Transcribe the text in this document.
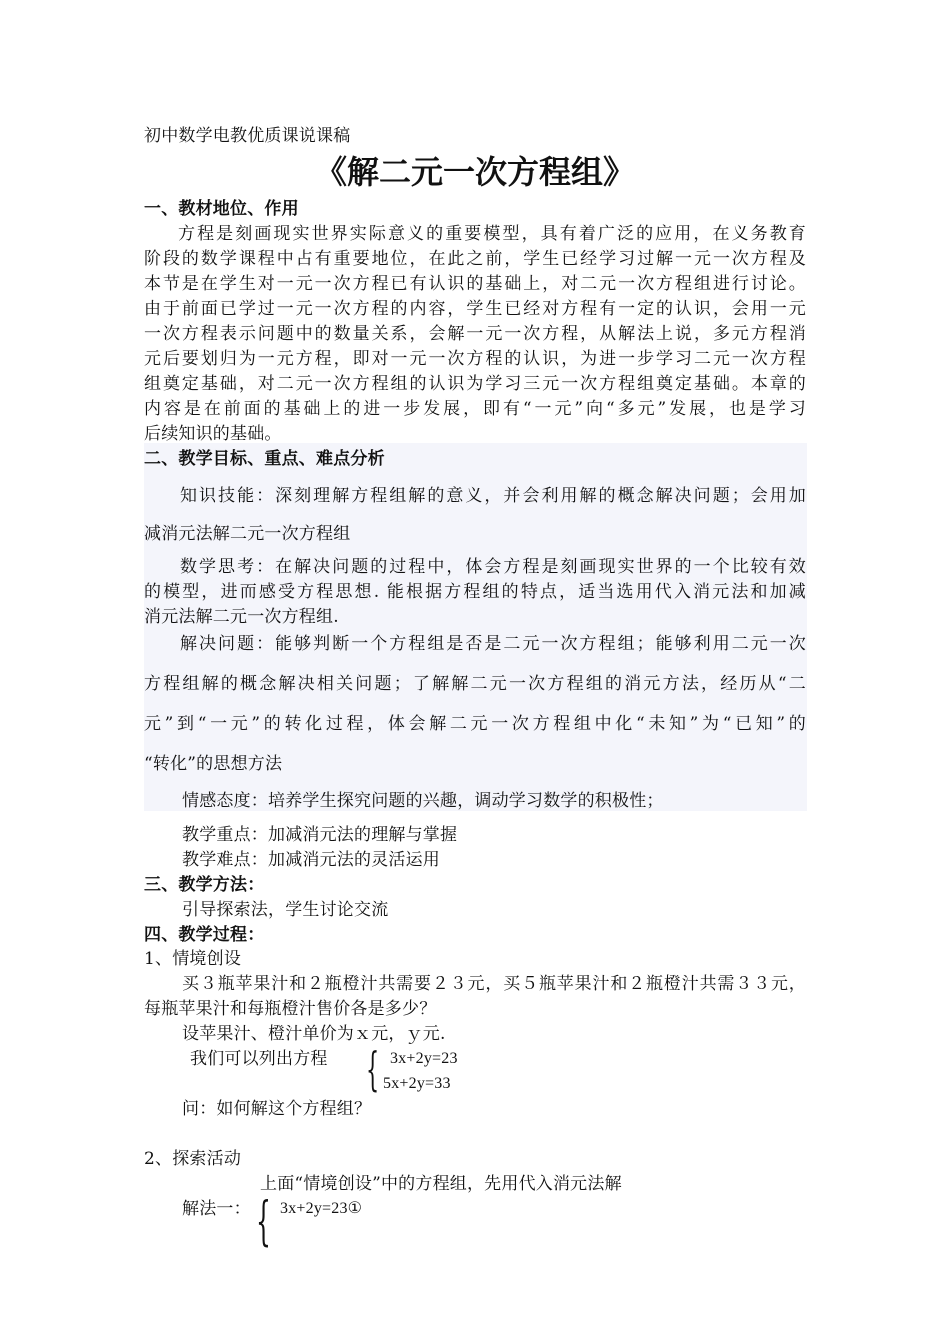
初中数学电教优质课说课稿
《解二元一次方程组》
一、教材地位、作用
方程是刻画现实世界实际意义的重要模型，具有着广泛的应用，在义务教育
阶段的数学课程中占有重要地位，在此之前，学生已经学习过解一元一次方程及
本节是在学生对一元一次方程已有认识的基础上，对二元一次方程组进行讨论。
由于前面已学过一元一次方程的内容，学生已经对方程有一定的认识，会用一元
一次方程表示问题中的数量关系，会解一元一次方程，从解法上说，多元方程消
元后要划归为一元方程，即对一元一次方程的认识，为进一步学习二元一次方程
组奠定基础，对二元一次方程组的认识为学习三元一次方程组奠定基础。本章的
内容是在前面的基础上的进一步发展，即有“一元”向“多元”发展，也是学习
后续知识的基础。
二、教学目标、重点、难点分析
知识技能：深刻理解方程组解的意义，并会利用解的概念解决问题；会用加
减消元法解二元一次方程组
数学思考：在解决问题的过程中，体会方程是刻画现实世界的一个比较有效
的模型，进而感受方程思想. 能根据方程组的特点，适当选用代入消元法和加减
消元法解二元一次方程组.
解决问题：能够判断一个方程组是否是二元一次方程组；能够利用二元一次
方程组解的概念解决相关问题；了解解二元一次方程组的消元方法，经历从“二
元”到“一元”的转化过程，体会解二元一次方程组中化“未知”为“已知”的
“转化”的思想方法
情感态度：培养学生探究问题的兴趣，调动学习数学的积极性；
教学重点：加减消元法的理解与掌握
教学难点：加减消元法的灵活运用
三、教学方法：
引导探索法，学生讨论交流
四、教学过程：
1、情境创设
买３瓶苹果汁和２瓶橙汁共需要２３元，买５瓶苹果汁和２瓶橙汁共需３３元，
每瓶苹果汁和每瓶橙汁售价各是多少？
设苹果汁、橙汁单价为ｘ元，ｙ元.
我们可以列出方程 { 3x+2y=23
5x+2y=33
问：如何解这个方程组？
2、探索活动
上面“情境创设”中的方程组，先用代入消元法解
解法一： { 3x+2y=23①
